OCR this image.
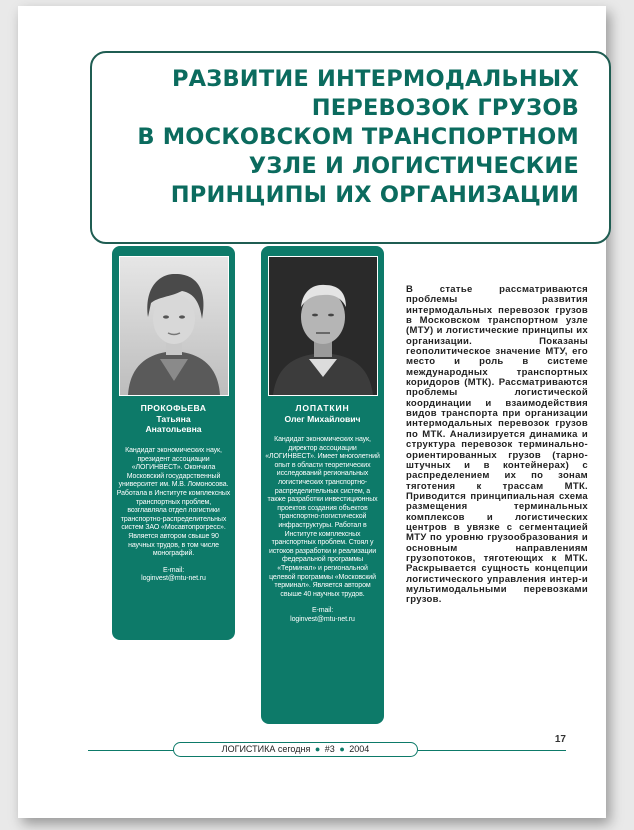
РАЗВИТИЕ ИНТЕРМОДАЛЬНЫХ
ПЕРЕВОЗОК ГРУЗОВ
В МОСКОВСКОМ ТРАНСПОРТНОМ
УЗЛЕ И ЛОГИСТИЧЕСКИЕ
ПРИНЦИПЫ ИХ ОРГАНИЗАЦИИ
ПРОКОФЬЕВА
Татьяна
Анатольевна
Кандидат экономических наук, президент ассоциации «ЛОГИНВЕСТ». Окончила Московский государственный университет им. М.В. Ломоносова. Работала в Институте комплексных транспортных проблем, возглавляла отдел логистики транспортно-распределительных систем ЗАО «Мосавтопрогресс». Является автором свыше 90 научных трудов, в том числе монографий.
E-mail:
loginvest@mtu-net.ru
ЛОПАТКИН
Олег Михайлович
Кандидат экономических наук, директор ассоциации «ЛОГИНВЕСТ». Имеет многолетний опыт в области теоретических исследований региональных логистических транспортно-распределительных систем, а также разработки инвестиционных проектов создания объектов транспортно-логистической инфраструктуры. Работал в Институте комплексных транспортных проблем. Стоял у истоков разработки и реализации федеральной программы «Терминал» и региональной целевой программы «Московский терминал». Является автором свыше 40 научных трудов.
E-mail:
loginvest@mtu-net.ru

В статье рассматриваются проблемы развития интермодальных перевозок грузов в Московском транспортном узле (МТУ) и логистические принципы их организации. Показаны геополитическое значение МТУ, его место и роль в системе международных транспортных коридоров (МТК). Рассматриваются проблемы логистической координации и взаимодействия видов транспорта при организации интермодальных перевозок грузов по МТК. Анализируется динамика и структура перевозок терминально-ориентированных грузов (тарно-штучных и в контейнерах) с распределением их по зонам тяготения к трассам МТК. Приводится принципиальная схема размещения терминальных комплексов и логистических центров в увязке с сегментацией МТУ по уровню грузообразования и основным направлениям грузопотоков, тяготеющих к МТК. Раскрывается сущность концепции логистического управления интер-и мультимодальными перевозками грузов.

ЛОГИСТИКА сегодня ● #3 ● 2004
17
